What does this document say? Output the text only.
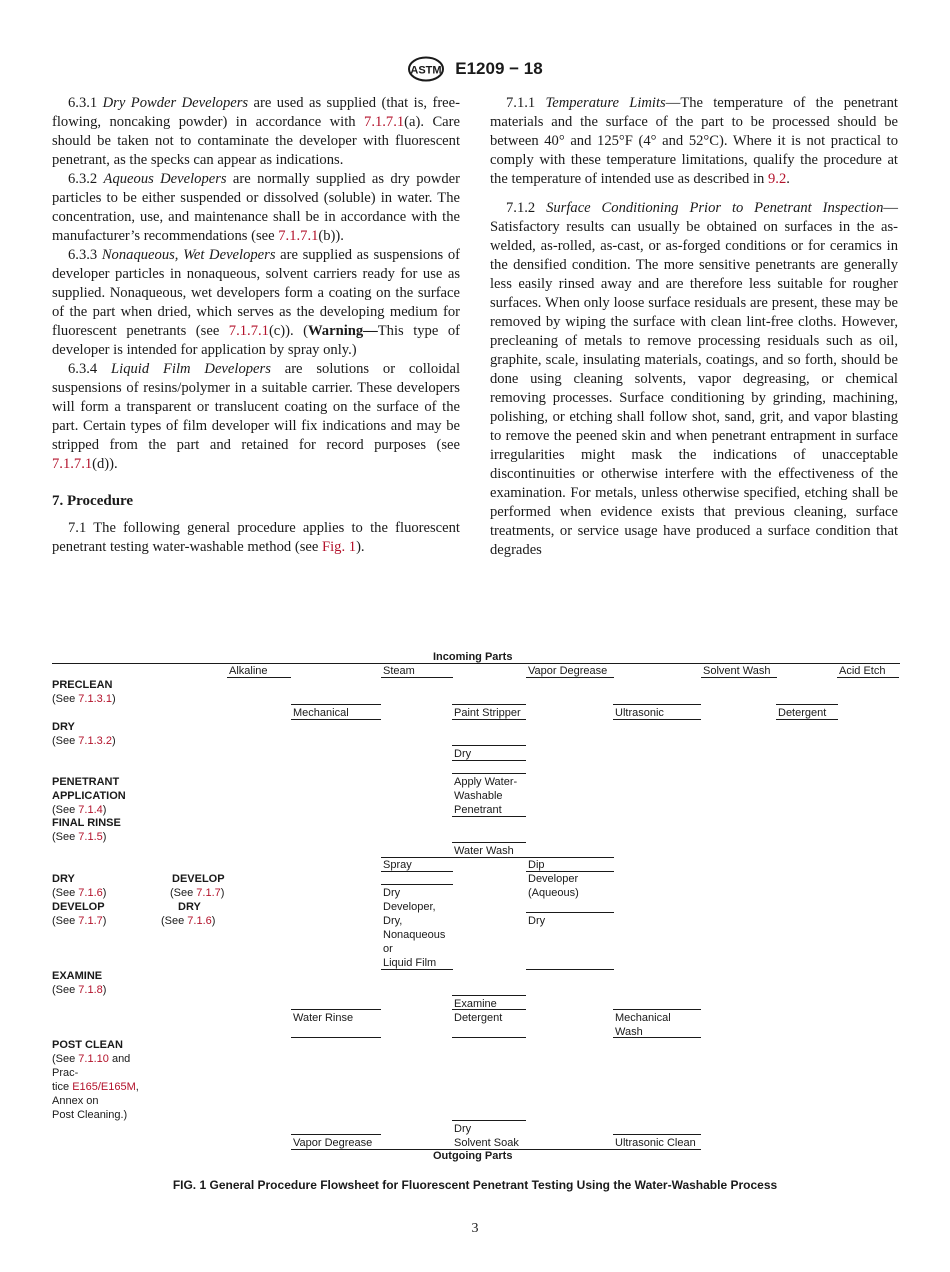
ASTM E1209 − 18

6.3.1 Dry Powder Developers are used as supplied (that is, free-flowing, noncaking powder) in accordance with 7.1.7.1(a). Care should be taken not to contaminate the developer with fluorescent penetrant, as the specks can appear as indications.

6.3.2 Aqueous Developers are normally supplied as dry powder particles to be either suspended or dissolved (soluble) in water. The concentration, use, and maintenance shall be in accordance with the manufacturer’s recommendations (see 7.1.7.1(b)).

6.3.3 Nonaqueous, Wet Developers are supplied as suspensions of developer particles in nonaqueous, solvent carriers ready for use as supplied. Nonaqueous, wet developers form a coating on the surface of the part when dried, which serves as the developing medium for fluorescent penetrants (see 7.1.7.1(c)). (Warning—This type of developer is intended for application by spray only.)

6.3.4 Liquid Film Developers are solutions or colloidal suspensions of resins/polymer in a suitable carrier. These developers will form a transparent or translucent coating on the surface of the part. Certain types of film developer will fix indications and may be stripped from the part and retained for record purposes (see 7.1.7.1(d)).

7. Procedure

7.1 The following general procedure applies to the fluorescent penetrant testing water-washable method (see Fig. 1).

7.1.1 Temperature Limits—The temperature of the penetrant materials and the surface of the part to be processed should be between 40° and 125°F (4° and 52°C). Where it is not practical to comply with these temperature limitations, qualify the procedure at the temperature of intended use as described in 9.2.

7.1.2 Surface Conditioning Prior to Penetrant Inspection—Satisfactory results can usually be obtained on surfaces in the as-welded, as-rolled, as-cast, or as-forged conditions or for ceramics in the densified condition. The more sensitive penetrants are generally less easily rinsed away and are therefore less suitable for rougher surfaces. When only loose surface residuals are present, these may be removed by wiping the surface with clean lint-free cloths. However, precleaning of metals to remove processing residuals such as oil, graphite, scale, insulating materials, coatings, and so forth, should be done using cleaning solvents, vapor degreasing, or chemical removing processes. Surface conditioning by grinding, machining, polishing, or etching shall follow shot, sand, grit, and vapor blasting to remove the peened skin and when penetrant entrapment in surface irregularities might mask the indications of unacceptable discontinuities or otherwise interfere with the effectiveness of the examination. For metals, unless otherwise specified, etching shall be performed when evidence exists that previous cleaning, surface treatments, or service usage have produced a surface condition that degrades

Incoming Parts
Alkaline	Steam	Vapor Degrease	Solvent Wash	Acid Etch
PRECLEAN
(See 7.1.3.1)
Mechanical	Paint Stripper	Ultrasonic	Detergent
DRY
(See 7.1.3.2)
Dry
PENETRANT
APPLICATION
(See 7.1.4)
Apply Water-
Washable
Penetrant
FINAL RINSE
(See 7.1.5)
Water Wash
Spray	Dip
DRY
(See 7.1.6)
DEVELOP
(See 7.1.7)
DEVELOP
(See 7.1.7)
DRY
(See 7.1.6)
Dry
Developer,
Dry,
Nonaqueous
or
Liquid Film
Developer
(Aqueous)
Dry
EXAMINE
(See 7.1.8)
Examine
Water Rinse	Detergent	Mechanical
Wash
POST CLEAN
(See 7.1.10 and
Prac-
tice E165/E165M,
Annex on
Post Cleaning.)
Dry
Vapor Degrease	Solvent Soak	Ultrasonic Clean
Outgoing Parts
FIG. 1 General Procedure Flowsheet for Fluorescent Penetrant Testing Using the Water-Washable Process
3
